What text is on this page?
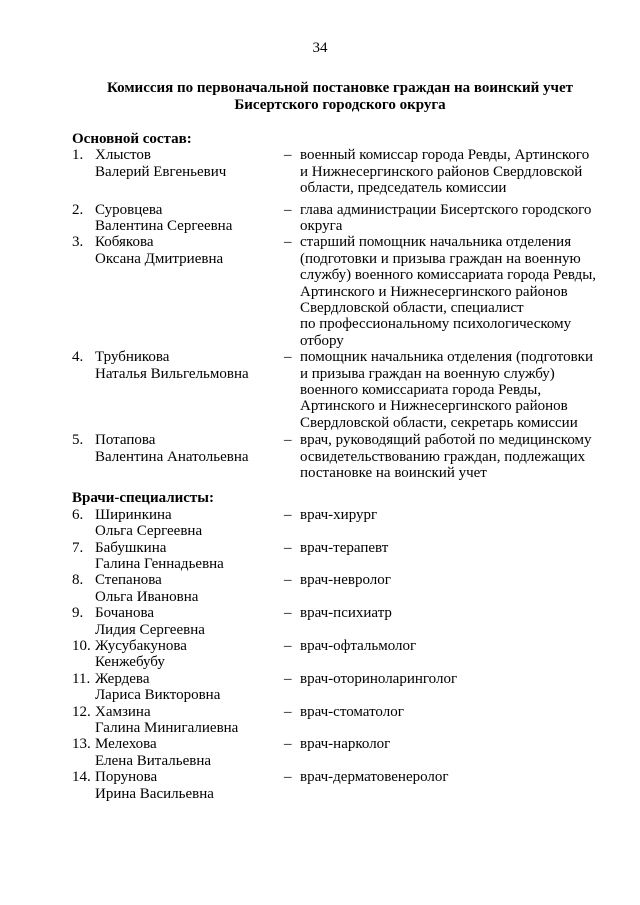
34
Комиссия по первоначальной постановке граждан на воинский учет
Бисертского городского округа
Основной состав:
1. Хлыстов
Валерий Евгеньевич
– военный комиссар города Ревды, Артинского
и Нижнесергинского районов Свердловской
области, председатель комиссии
2. Суровцева
Валентина Сергеевна
– глава администрации Бисертского городского
округа
3. Кобякова
Оксана Дмитриевна
– старший помощник начальника отделения
(подготовки и призыва граждан на военную
службу) военного комиссариата города Ревды,
Артинского и Нижнесергинского районов
Свердловской области, специалист
по профессиональному психологическому
отбору
4. Трубникова
Наталья Вильгельмовна
– помощник начальника отделения (подготовки
и призыва граждан на военную службу)
военного комиссариата города Ревды,
Артинского и Нижнесергинского районов
Свердловской области, секретарь комиссии
5. Потапова
Валентина Анатольевна
– врач, руководящий работой по медицинскому
освидетельствованию граждан, подлежащих
постановке на воинский учет
Врачи-специалисты:
6. Ширинкина
Ольга Сергеевна
– врач-хирург
7. Бабушкина
Галина Геннадьевна
– врач-терапевт
8. Степанова
Ольга Ивановна
– врач-невролог
9. Бочанова
Лидия Сергеевна
– врач-психиатр
10. Жусубакунова
Кенжебубу
– врач-офтальмолог
11. Жердева
Лариса Викторовна
– врач-оториноларинголог
12. Хамзина
Галина Минигалиевна
– врач-стоматолог
13. Мелехова
Елена Витальевна
– врач-нарколог
14. Порунова
Ирина Васильевна
– врач-дерматовенеролог
